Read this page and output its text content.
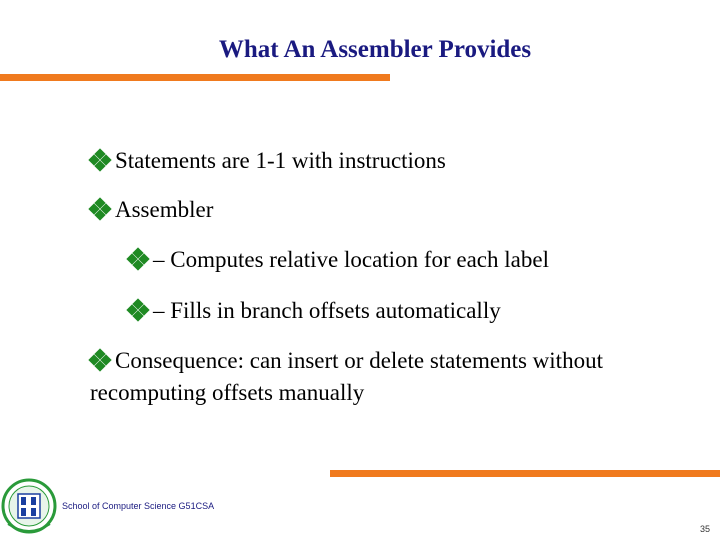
What An Assembler Provides
Statements are 1-1 with instructions
Assembler
– Computes relative location for each label
– Fills in branch offsets automatically
Consequence: can insert or delete statements without recomputing offsets manually
School of Computer Science G51CSA
35
